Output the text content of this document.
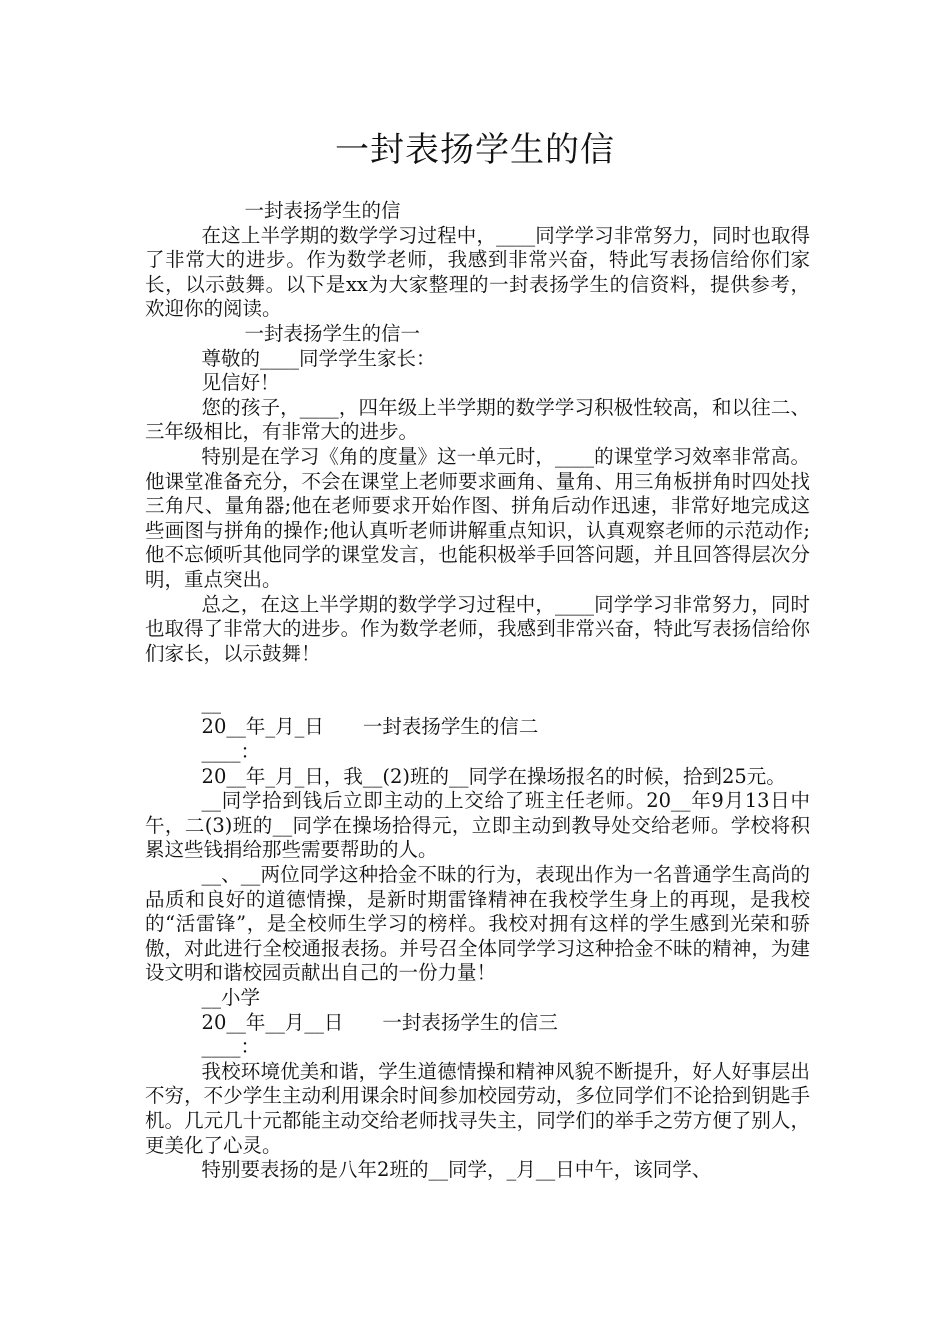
一封表扬学生的信

一封表扬学生的信

在这上半学期的数学学习过程中，____同学学习非常努力，同时也取得了非常大的进步。作为数学老师，我感到非常兴奋，特此写表扬信给你们家长，以示鼓舞。以下是xx为大家整理的一封表扬学生的信资料，提供参考，欢迎你的阅读。

一封表扬学生的信一

尊敬的____同学学生家长：

见信好！

您的孩子，____，四年级上半学期的数学学习积极性较高，和以往二、三年级相比，有非常大的进步。

特别是在学习《角的度量》这一单元时，____的课堂学习效率非常高。他课堂准备充分，不会在课堂上老师要求画角、量角、用三角板拼角时四处找三角尺、量角器;他在老师要求开始作图、拼角后动作迅速，非常好地完成这些画图与拼角的操作;他认真听老师讲解重点知识，认真观察老师的示范动作;他不忘倾听其他同学的课堂发言，也能积极举手回答问题，并且回答得层次分明，重点突出。

总之，在这上半学期的数学学习过程中，____同学学习非常努力，同时也取得了非常大的进步。作为数学老师，我感到非常兴奋，特此写表扬信给你们家长，以示鼓舞！

__

20__年_月_日　　一封表扬学生的信二

____：

20__年_月_日，我__(2)班的__同学在操场报名的时候，拾到25元。

__同学拾到钱后立即主动的上交给了班主任老师。20__年9月13日中午，二(3)班的__同学在操场拾得元，立即主动到教导处交给老师。学校将积累这些钱捐给那些需要帮助的人。

__、__两位同学这种拾金不昧的行为，表现出作为一名普通学生高尚的品质和良好的道德情操，是新时期雷锋精神在我校学生身上的再现，是我校的“活雷锋”，是全校师生学习的榜样。我校对拥有这样的学生感到光荣和骄傲，对此进行全校通报表扬。并号召全体同学学习这种拾金不昧的精神，为建设文明和谐校园贡献出自己的一份力量！

__小学

20__年__月__日　　一封表扬学生的信三

____：

我校环境优美和谐，学生道德情操和精神风貌不断提升，好人好事层出不穷，不少学生主动利用课余时间参加校园劳动，多位同学们不论拾到钥匙手机。几元几十元都能主动交给老师找寻失主，同学们的举手之劳方便了别人，更美化了心灵。

特别要表扬的是八年2班的__同学，_月__日中午，该同学、
